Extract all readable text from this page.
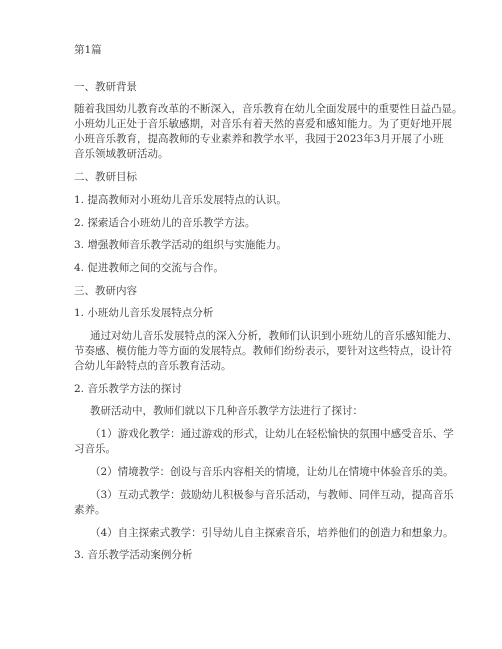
第1篇

一、教研背景

随着我国幼儿教育改革的不断深入，音乐教育在幼儿全面发展中的重要性日益凸显。

小班幼儿正处于音乐敏感期，对音乐有着天然的喜爱和感知能力。为了更好地开展

小班音乐教育，提高教师的专业素养和教学水平，我园于2023年3月开展了小班

音乐领域教研活动。

二、教研目标

1. 提高教师对小班幼儿音乐发展特点的认识。

2. 探索适合小班幼儿的音乐教学方法。

3. 增强教师音乐教学活动的组织与实施能力。

4. 促进教师之间的交流与合作。

三、教研内容

1. 小班幼儿音乐发展特点分析

通过对幼儿音乐发展特点的深入分析，教师们认识到小班幼儿的音乐感知能力、

节奏感、模仿能力等方面的发展特点。教师们纷纷表示，要针对这些特点，设计符

合幼儿年龄特点的音乐教育活动。

2. 音乐教学方法的探讨

教研活动中，教师们就以下几种音乐教学方法进行了探讨：

（1）游戏化教学：通过游戏的形式，让幼儿在轻松愉快的氛围中感受音乐、学

习音乐。

（2）情境教学：创设与音乐内容相关的情境，让幼儿在情境中体验音乐的美。

（3）互动式教学：鼓励幼儿积极参与音乐活动，与教师、同伴互动，提高音乐

素养。

（4）自主探索式教学：引导幼儿自主探索音乐，培养他们的创造力和想象力。

3. 音乐教学活动案例分析
